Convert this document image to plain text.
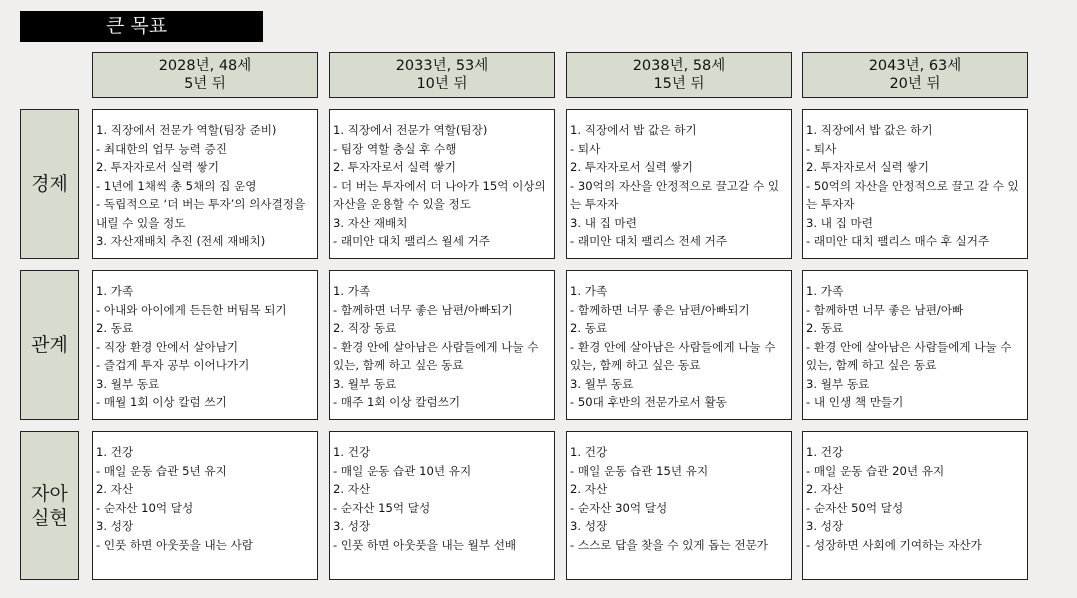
큰 목표
2028년, 48세
5년 뒤
2033년, 53세
10년 뒤
2038년, 58세
15년 뒤
2043년, 63세
20년 뒤
경제
관계
자아
실현
1. 직장에서 전문가 역할(팀장 준비)
- 최대한의 업무 능력 증진
2. 투자자로서 실력 쌓기
- 1년에 1채씩 총 5채의 집 운영
- 독립적으로 ‘더 버는 투자’의 의사결정을 내릴 수 있을 정도
3. 자산재배치 추진 (전세 재배치)
1. 직장에서 전문가 역할(팀장)
- 팀장 역할 충실 후 수행
2. 투자자로서 실력 쌓기
- 더 버는 투자에서 더 나아가 15억 이상의 자산을 운용할 수 있을 정도
3. 자산 재배치
- 래미안 대치 팰리스 월세 거주
1. 직장에서 밥 값은 하기
- 퇴사
2. 투자자로서 실력 쌓기
- 30억의 자산을 안정적으로 끌고갈 수 있는 투자자
3. 내 집 마련
- 래미안 대치 팰리스 전세 거주
1. 직장에서 밥 값은 하기
- 퇴사
2. 투자자로서 실력 쌓기
- 50억의 자산을 안정적으로 끌고 갈 수 있는 투자자
3. 내 집 마련
- 래미안 대치 팰리스 매수 후 실거주
1. 가족
- 아내와 아이에게 든든한 버팀목 되기
2. 동료
- 직장 환경 안에서 살아남기
- 즐겁게 투자 공부 이어나가기
3. 월부 동료
- 매월 1회 이상 칼럼 쓰기
1. 가족
- 함께하면 너무 좋은 남편/아빠되기
2. 직장 동료
- 환경 안에 살아남은 사람들에게 나눌 수 있는, 함께 하고 싶은 동료
3. 월부 동료
- 매주 1회 이상 칼럼쓰기
1. 가족
- 함께하면 너무 좋은 남편/아빠되기
2. 동료
- 환경 안에 살아남은 사람들에게 나눌 수 있는, 함께 하고 싶은 동료
3. 월부 동료
- 50대 후반의 전문가로서 활동
1. 가족
- 함께하면 너무 좋은 남편/아빠
2. 동료
- 환경 안에 살아남은 사람들에게 나눌 수 있는, 함께 하고 싶은 동료
3. 월부 동료
- 내 인생 책 만들기
1. 건강
- 매일 운동 습관 5년 유지
2. 자산
- 순자산 10억 달성
3. 성장
- 인풋 하면 아웃풋을 내는 사람
1. 건강
- 매일 운동 습관 10년 유지
2. 자산
- 순자산 15억 달성
3. 성장
- 인풋 하면 아웃풋을 내는 월부 선배
1. 건강
- 매일 운동 습관 15년 유지
2. 자산
- 순자산 30억 달성
3. 성장
- 스스로 답을 찾을 수 있게 돕는 전문가
1. 건강
- 매일 운동 습관 20년 유지
2. 자산
- 순자산 50억 달성
3. 성장
- 성장하면 사회에 기여하는 자산가
